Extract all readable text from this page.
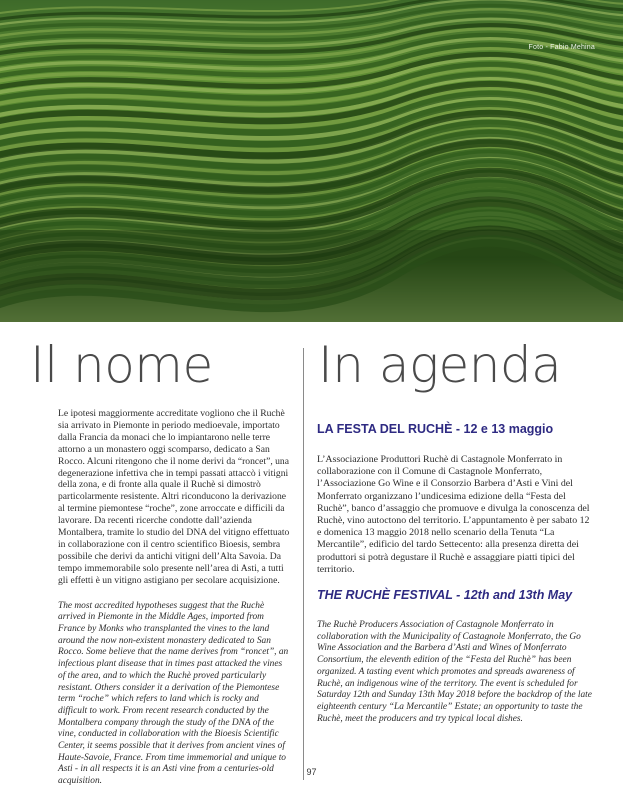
Foto - Fabio Mehina
Il nome In agenda

Le ipotesi maggiormente accreditate vogliono che il Ruchè sia arrivato in Piemonte in periodo medioevale, importato dalla Francia da monaci che lo impiantarono nelle terre attorno a un monastero oggi scomparso, dedicato a San Rocco. Alcuni ritengono che il nome derivi da “roncet”, una degenerazione infettiva che in tempi passati attaccò i vitigni della zona, e di fronte alla quale il Ruchè si dimostrò particolarmente resistente. Altri riconducono la derivazione al termine piemontese “roche”, zone arroccate e difficili da lavorare. Da recenti ricerche condotte dall’azienda Montalbera, tramite lo studio del DNA del vitigno effettuato in collaborazione con il centro scientifico Bioesis, sembra possibile che derivi da antichi vitigni dell’Alta Savoia. Da tempo immemorabile solo presente nell’area di Asti, a tutti gli effetti è un vitigno astigiano per secolare acquisizione.

The most accredited hypotheses suggest that the Ruchè arrived in Piemonte in the Middle Ages, imported from France by Monks who transplanted the vines to the land around the now non-existent monastery dedicated to San Rocco. Some believe that the name derives from “roncet”, an infectious plant disease that in times past attacked the vines of the area, and to which the Ruchè proved particularly resistant. Others consider it a derivation of the Piemontese term “roche” which refers to land which is rocky and difficult to work. From recent research conducted by the Montalbera company through the study of the DNA of the vine, conducted in collaboration with the Bioesis Scientific Center, it seems possible that it derives from ancient vines of Haute-Savoie, France. From time immemorial and unique to Asti - in all respects it is an Asti vine from a centuries-old acquisition.

LA FESTA DEL RUCHÈ - 12 e 13 maggio

L’Associazione Produttori Ruchè di Castagnole Monferrato in collaborazione con il Comune di Castagnole Monferrato, l’Associazione Go Wine e il Consorzio Barbera d’Asti e Vini del Monferrato organizzano l’undicesima edizione della “Festa del Ruchè”, banco d’assaggio che promuove e divulga la conoscenza del Ruchè, vino autoctono del territorio. L’appuntamento è per sabato 12 e domenica 13 maggio 2018 nello scenario della Tenuta “La Mercantile”, edificio del tardo Settecento: alla presenza diretta dei produttori si potrà degustare il Ruchè e assaggiare piatti tipici del territorio.

THE RUCHÈ FESTIVAL - 12th and 13th May

The Ruchè Producers Association of Castagnole Monferrato in collaboration with the Municipality of Castagnole Monferrato, the Go Wine Association and the Barbera d’Asti and Wines of Monferrato Consortium, the eleventh edition of the “Festa del Ruchè” has been organized. A tasting event which promotes and spreads awareness of Ruchè, an indigenous wine of the territory. The event is scheduled for Saturday 12th and Sunday 13th May 2018 before the backdrop of the late eighteenth century “La Mercantile” Estate; an opportunity to taste the Ruchè, meet the producers and try typical local dishes.

97
